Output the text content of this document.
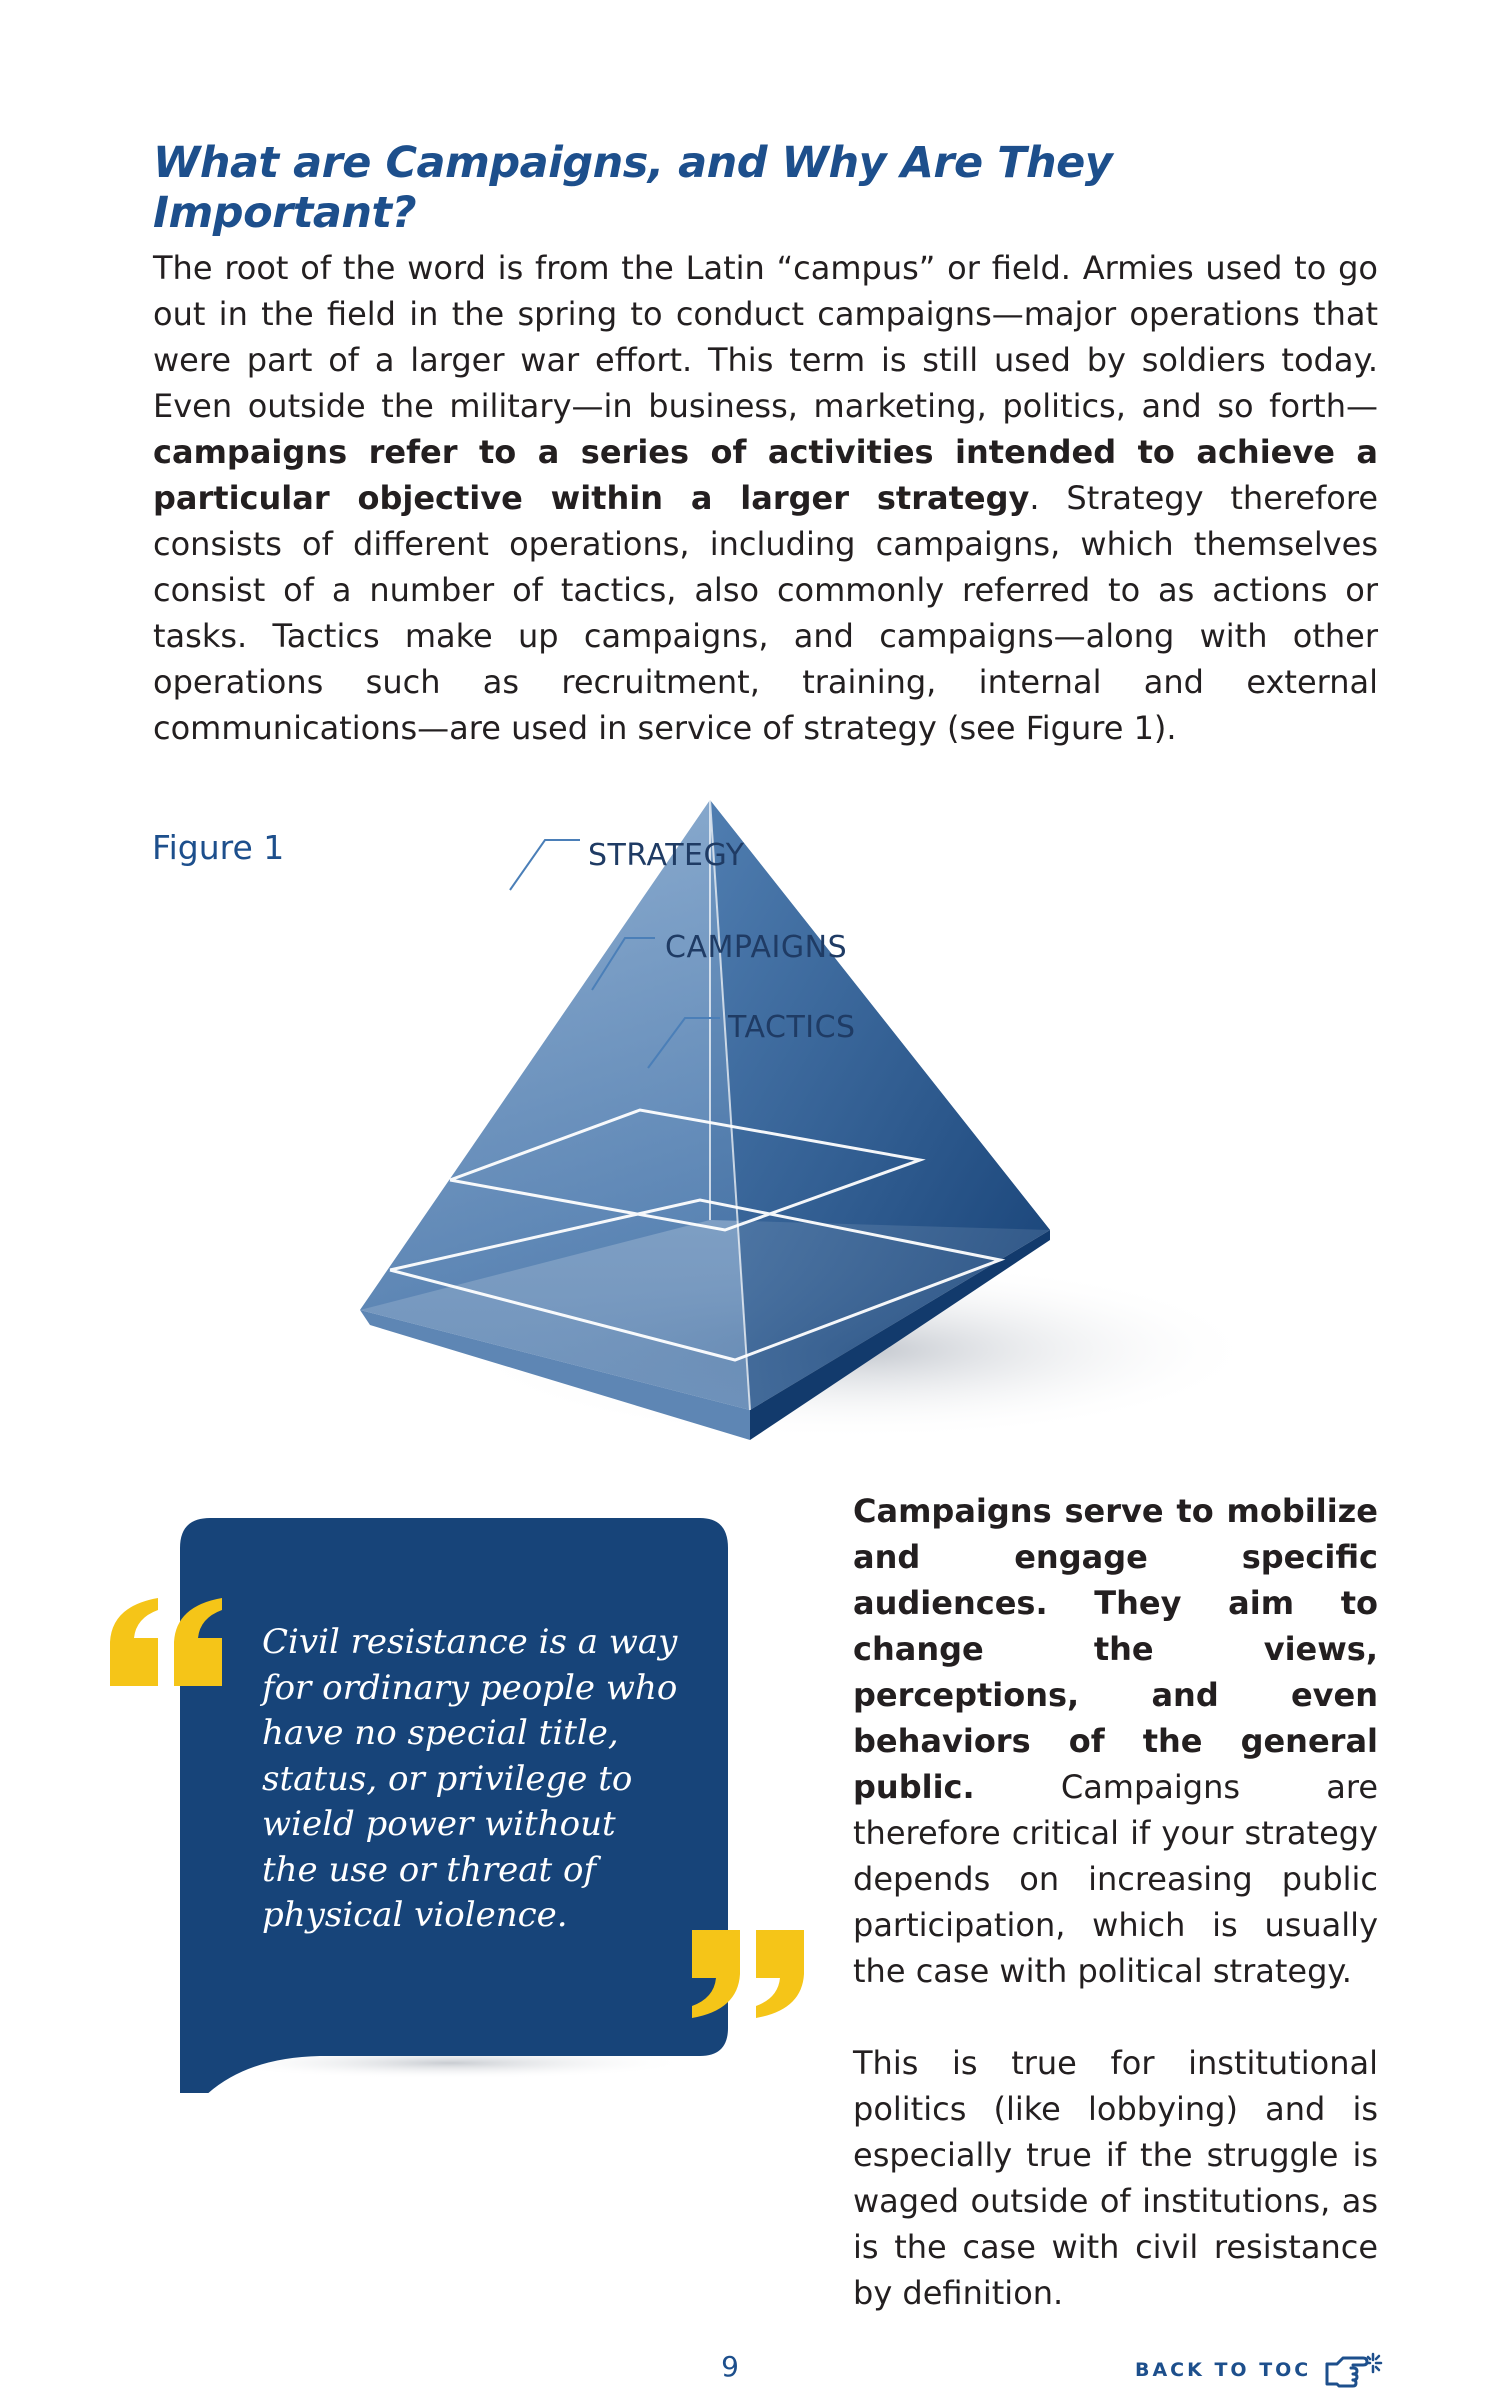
What are Campaigns, and Why Are They Important?

The root of the word is from the Latin “campus” or field. Armies used to go out in the field in the spring to conduct campaigns—major operations that were part of a larger war effort. This term is still used by soldiers today. Even outside the military—in business, marketing, politics, and so forth—campaigns refer to a series of activities intended to achieve a particular objective within a larger strategy. Strategy therefore consists of different operations, including campaigns, which themselves consist of a number of tactics, also commonly referred to as actions or tasks. Tactics make up campaigns, and campaigns—along with other operations such as recruitment, training, internal and external communications—are used in service of strategy (see Figure 1).

Figure 1	STRATEGY
CAMPAIGNS
TACTICS

Civil resistance is a way for ordinary people who have no special title, status, or privilege to wield power without the use or threat of physical violence.

Campaigns serve to mobilize and engage specific audiences. They aim to change the views, perceptions, and even behaviors of the general public. Campaigns are therefore critical if your strategy depends on increasing public participation, which is usually the case with political strategy.

This is true for institutional politics (like lobbying) and is especially true if the struggle is waged outside of institutions, as is the case with civil resistance by definition.

9	BACK TO TOC
